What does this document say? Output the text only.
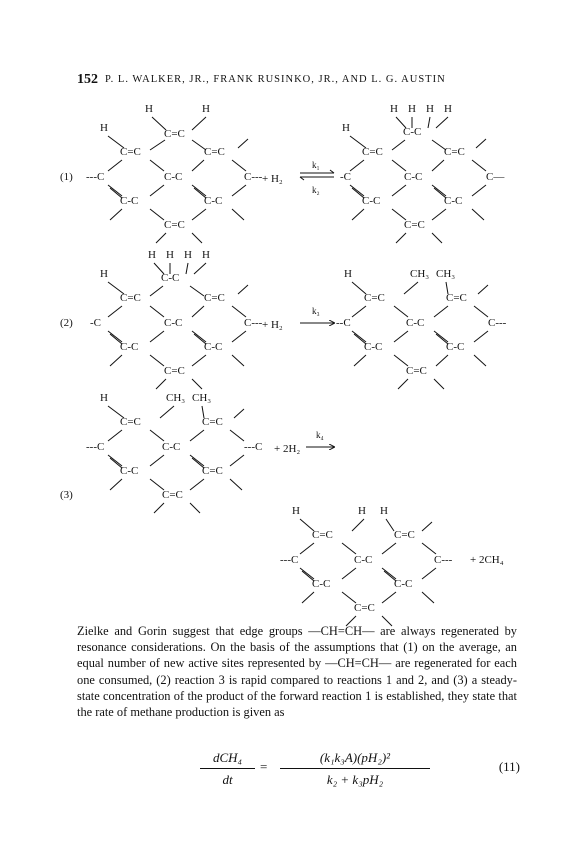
152 P. L. WALKER, JR., FRANK RUSINKO, JR., AND L. G. AUSTIN
H	H
H	C=C
C=C	C=C
(1) ---C	C-C	C---
C-C	C-C
C=C
+ H₂
k₁
k₂
H H H H
C-C
H
C=C	C=C
-C	C-C	C—
C-C	C-C
C=C
H H H H
C-C
H
C=C	C=C
(2) -C	C-C	C---
C-C	C-C
C=C
+ H₂
k₃
H	CH₃ CH₃
C=C	C=C
--C	C-C	C---
C-C	C-C
C=C
H	CH₃ CH₃
C=C	C=C
---C	C-C	---C
C-C	C=C
C=C
(3)
+ 2H₂
k₄
H	H H
C=C	C=C
---C	C-C	C--- + 2CH₄
C-C	C-C
C=C

Zielke and Gorin suggest that edge groups —CH=CH— are always regenerated by resonance considerations. On the basis of the assumptions that (1) on the average, an equal number of new active sites represented by —CH=CH— are regenerated for each one consumed, (2) reaction 3 is rapid compared to reactions 1 and 2, and (3) a steady-state concentration of the product of the forward reaction 1 is established, they state that the rate of methane production is given as

dCH₄
dt
= $\frac{\text{(k₁k₃A)(pH₂)²}}{\text{k₂ + k₃pH₂}}$	(11)
